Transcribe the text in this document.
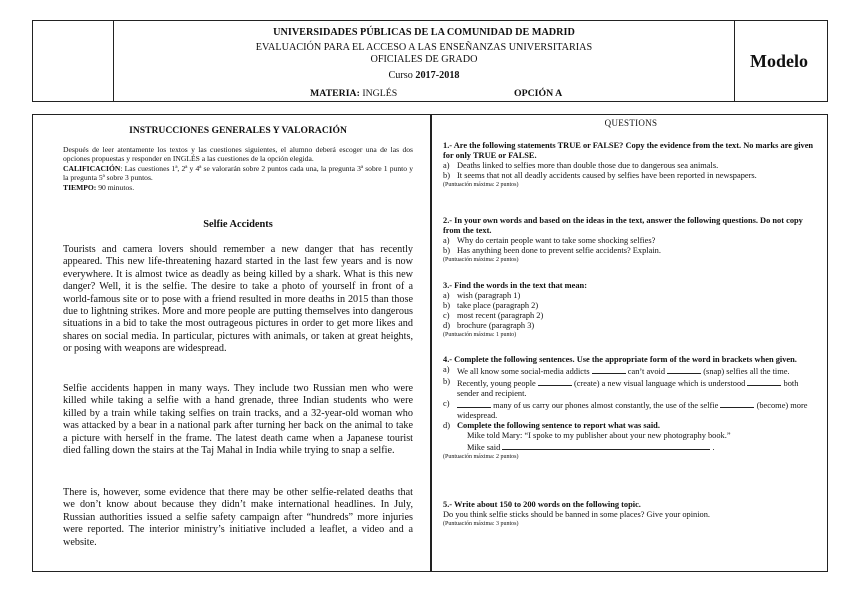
UNIVERSIDADES PÚBLICAS DE LA COMUNIDAD DE MADRID
EVALUACIÓN PARA EL ACCESO A LAS ENSEÑANZAS UNIVERSITARIAS
OFICIALES DE GRADO
Curso 2017-2018
MATERIA: INGLÉS	OPCIÓN A
Modelo
INSTRUCCIONES GENERALES Y VALORACIÓN
Después de leer atentamente los textos y las cuestiones siguientes, el alumno deberá escoger una de las dos opciones propuestas y responder en INGLÉS a las cuestiones de la opción elegida.
CALIFICACIÓN: Las cuestiones 1ª, 2ª y 4ª se valorarán sobre 2 puntos cada una, la pregunta 3ª sobre 1 punto y la pregunta 5ª sobre 3 puntos.
TIEMPO: 90 minutos.
Selfie Accidents
Tourists and camera lovers should remember a new danger that has recently appeared. This new life-threatening hazard started in the last few years and is now everywhere. It is almost twice as deadly as being killed by a shark. What is this new danger? Well, it is the selfie. The desire to take a photo of yourself in front of a world-famous site or to pose with a friend resulted in more deaths in 2015 than those due to lightning strikes. More and more people are putting themselves into dangerous situations in a bid to take the most outrageous pictures in order to get more likes and shares on social media. In particular, pictures with animals, or taken at great heights, or posing with weapons are widespread.
Selfie accidents happen in many ways. They include two Russian men who were killed while taking a selfie with a hand grenade, three Indian students who were killed by a train while taking selfies on train tracks, and a 32-year-old woman who was attacked by a bear in a national park after turning her back on the animal to take a picture with herself in the frame. The latest death came when a Japanese tourist died falling down the stairs at the Taj Mahal in India while trying to snap a selfie.
There is, however, some evidence that there may be other selfie-related deaths that we don’t know about because they didn’t make international headlines. In July, Russian authorities issued a selfie safety campaign after “hundreds” more injuries were reported. The interior ministry’s initiative included a leaflet, a video and a website.
QUESTIONS
1.- Are the following statements TRUE or FALSE? Copy the evidence from the text. No marks are given for only TRUE or FALSE.
a) Deaths linked to selfies more than double those due to dangerous sea animals.
b) It seems that not all deadly accidents caused by selfies have been reported in newspapers.
(Puntuación máxima: 2 puntos)
2.- In your own words and based on the ideas in the text, answer the following questions. Do not copy from the text.
a) Why do certain people want to take some shocking selfies?
b) Has anything been done to prevent selfie accidents? Explain.
(Puntuación máxima: 2 puntos)
3.- Find the words in the text that mean:
a) wish (paragraph 1)
b) take place (paragraph 2)
c) most recent (paragraph 2)
d) brochure (paragraph 3)
(Puntuación máxima: 1 punto)
4.- Complete the following sentences. Use the appropriate form of the word in brackets when given.
a) We all know some social-media addicts	can’t avoid	(snap) selfies all the time.
b) Recently, young people	(create) a new visual language which is understood	both sender and recipient.
c)	many of us carry our phones almost constantly, the use of the selfie	(become) more widespread.
d) Complete the following sentence to report what was said.
Mike told Mary: “I spoke to my publisher about your new photography book.”
Mike said	.
(Puntuación máxima: 2 puntos)
5.- Write about 150 to 200 words on the following topic.
Do you think selfie sticks should be banned in some places? Give your opinion.
(Puntuación máxima: 3 puntos)
